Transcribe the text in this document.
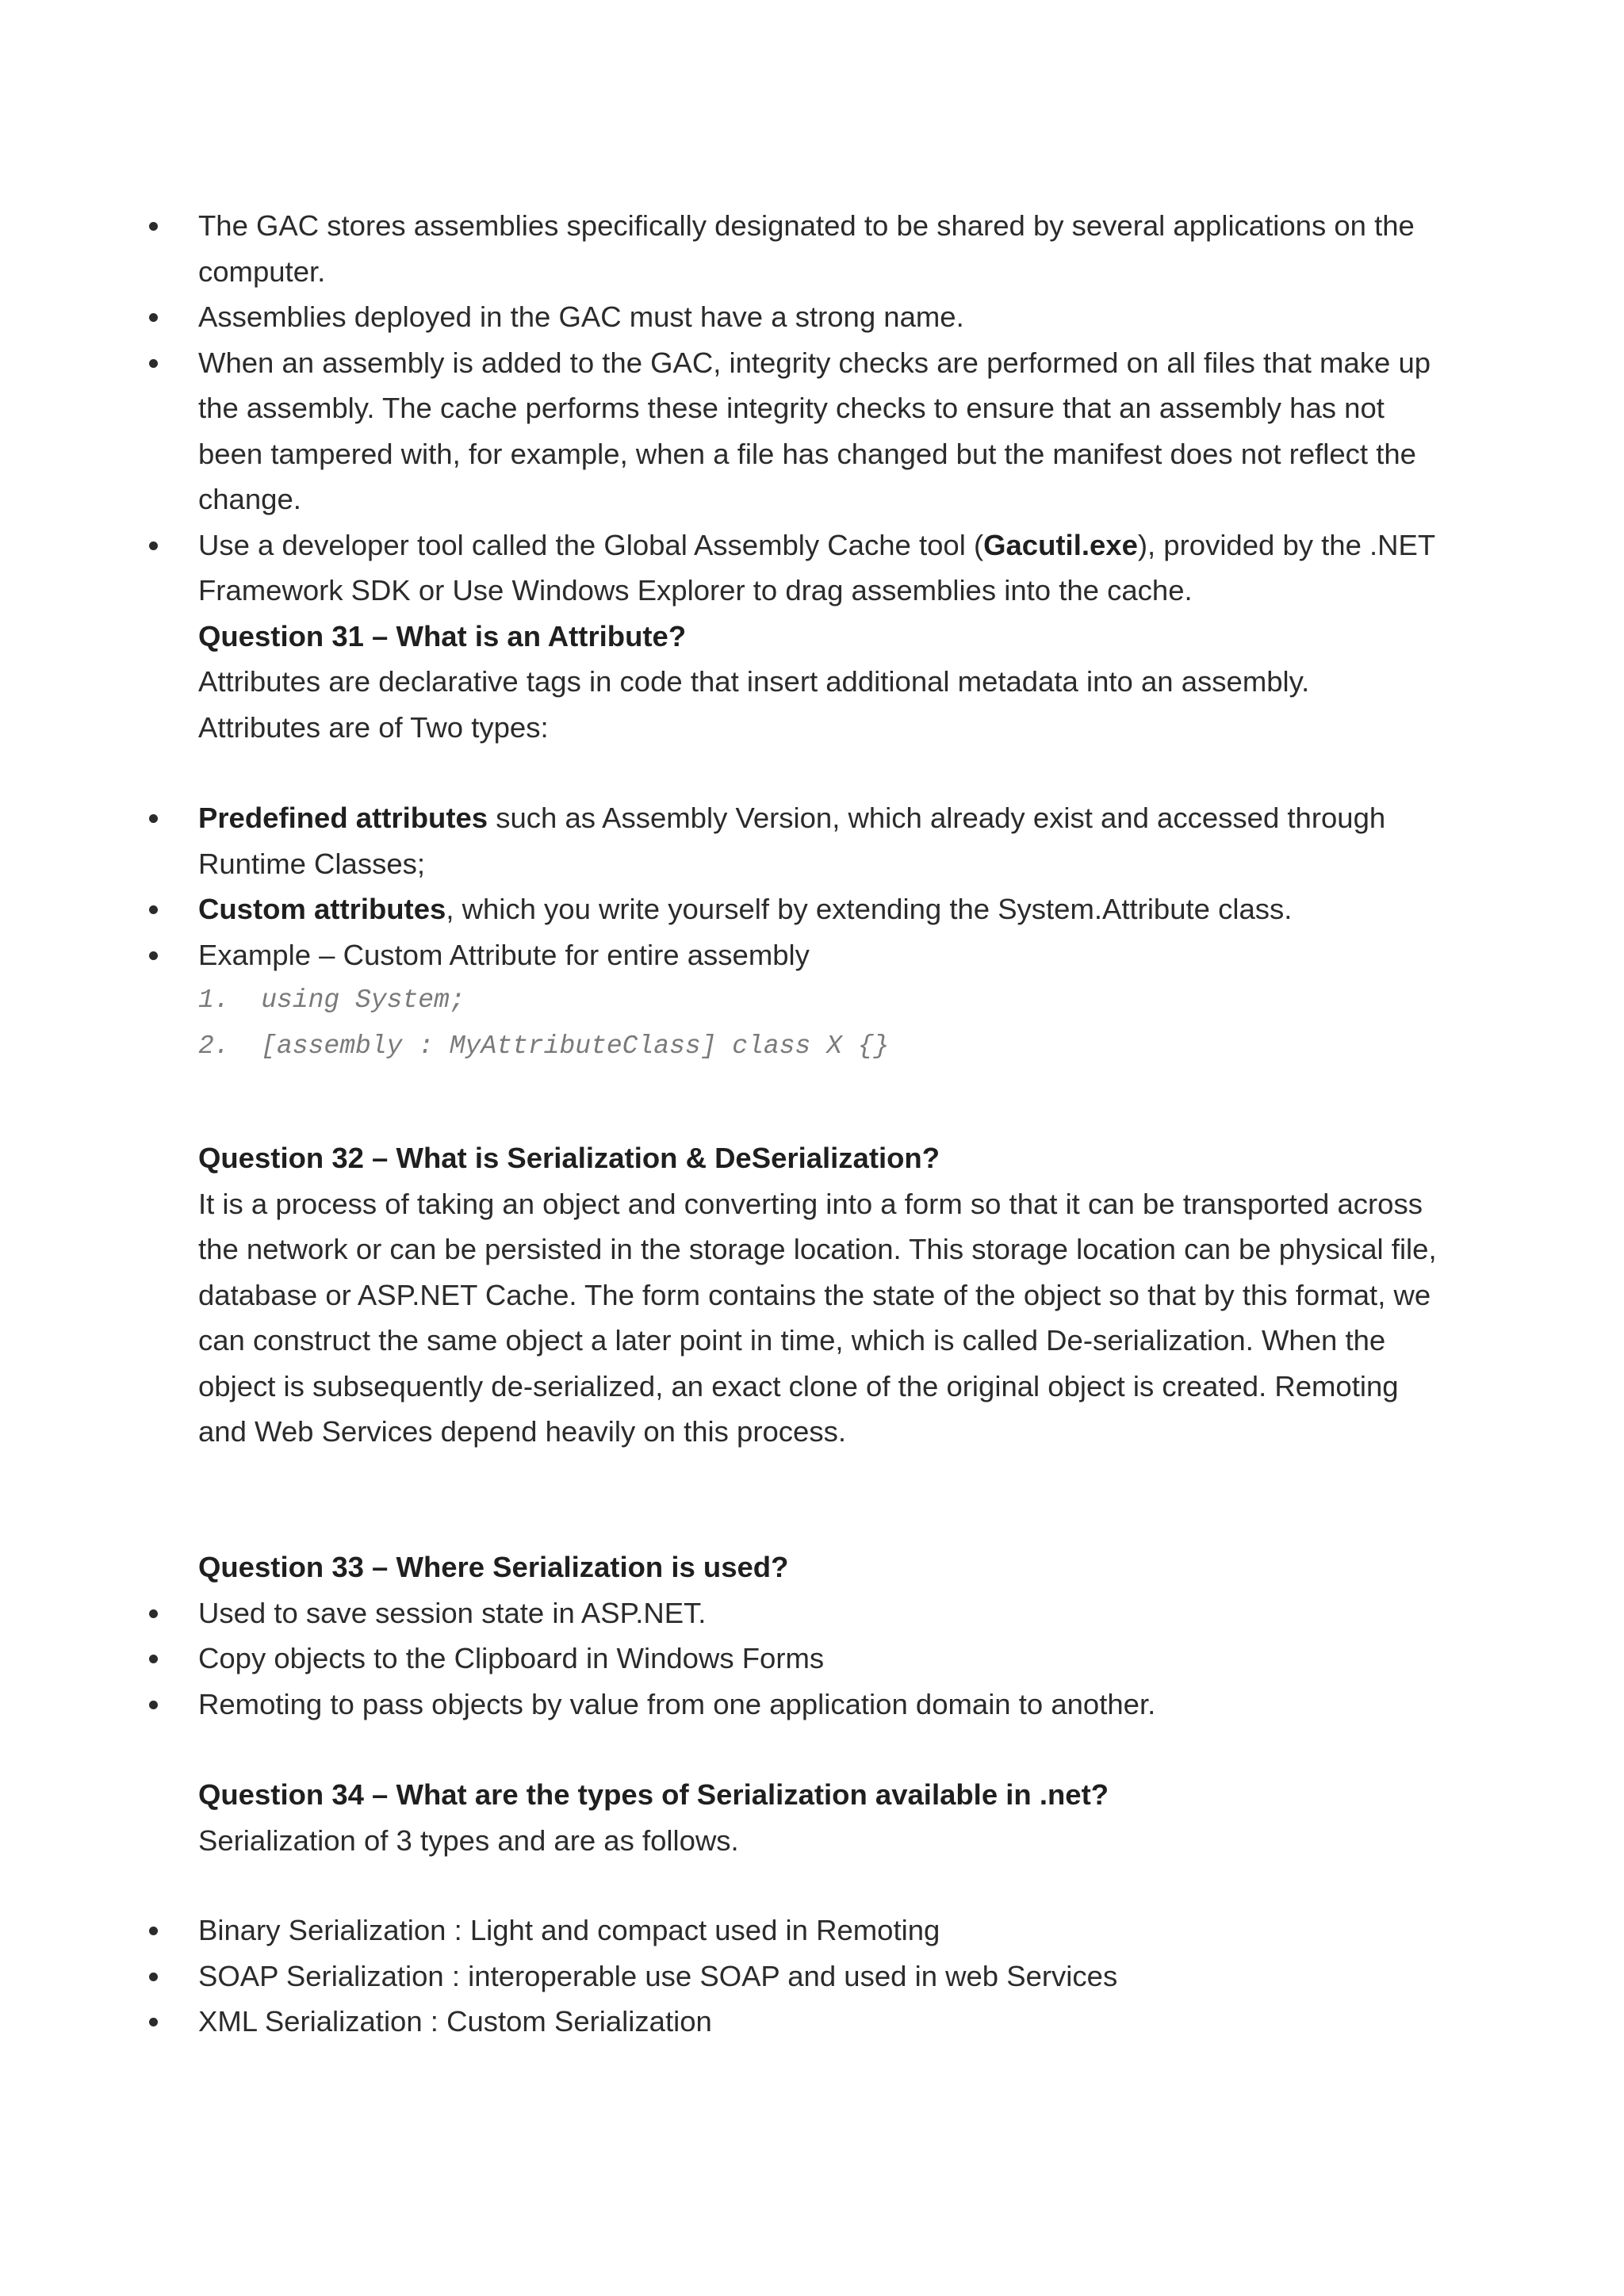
The GAC stores assemblies specifically designated to be shared by several applications on the computer.
Assemblies deployed in the GAC must have a strong name.
When an assembly is added to the GAC, integrity checks are performed on all files that make up the assembly. The cache performs these integrity checks to ensure that an assembly has not been tampered with, for example, when a file has changed but the manifest does not reflect the change.
Use a developer tool called the Global Assembly Cache tool (Gacutil.exe), provided by the .NET Framework SDK or Use Windows Explorer to drag assemblies into the cache.
Question 31 – What is an Attribute?
Attributes are declarative tags in code that insert additional metadata into an assembly.
Attributes are of Two types:
Predefined attributes such as Assembly Version, which already exist and accessed through Runtime Classes;
Custom attributes, which you write yourself by extending the System.Attribute class.
Example – Custom Attribute for entire assembly
1.  using System;
2.  [assembly : MyAttributeClass] class X {}
Question 32 – What is Serialization & DeSerialization?
It is a process of taking an object and converting into a form so that it can be transported across the network or can be persisted in the storage location. This storage location can be physical file, database or ASP.NET Cache. The form contains the state of the object so that by this format, we can construct the same object a later point in time, which is called De-serialization. When the object is subsequently de-serialized, an exact clone of the original object is created. Remoting and Web Services depend heavily on this process.
Question 33 – Where Serialization is used?
Used to save session state in ASP.NET.
Copy objects to the Clipboard in Windows Forms
Remoting to pass objects by value from one application domain to another.
Question 34 – What are the types of Serialization available in .net?
Serialization of 3 types and are as follows.
Binary Serialization : Light and compact used in Remoting
SOAP Serialization : interoperable use SOAP and used in web Services
XML Serialization : Custom Serialization
